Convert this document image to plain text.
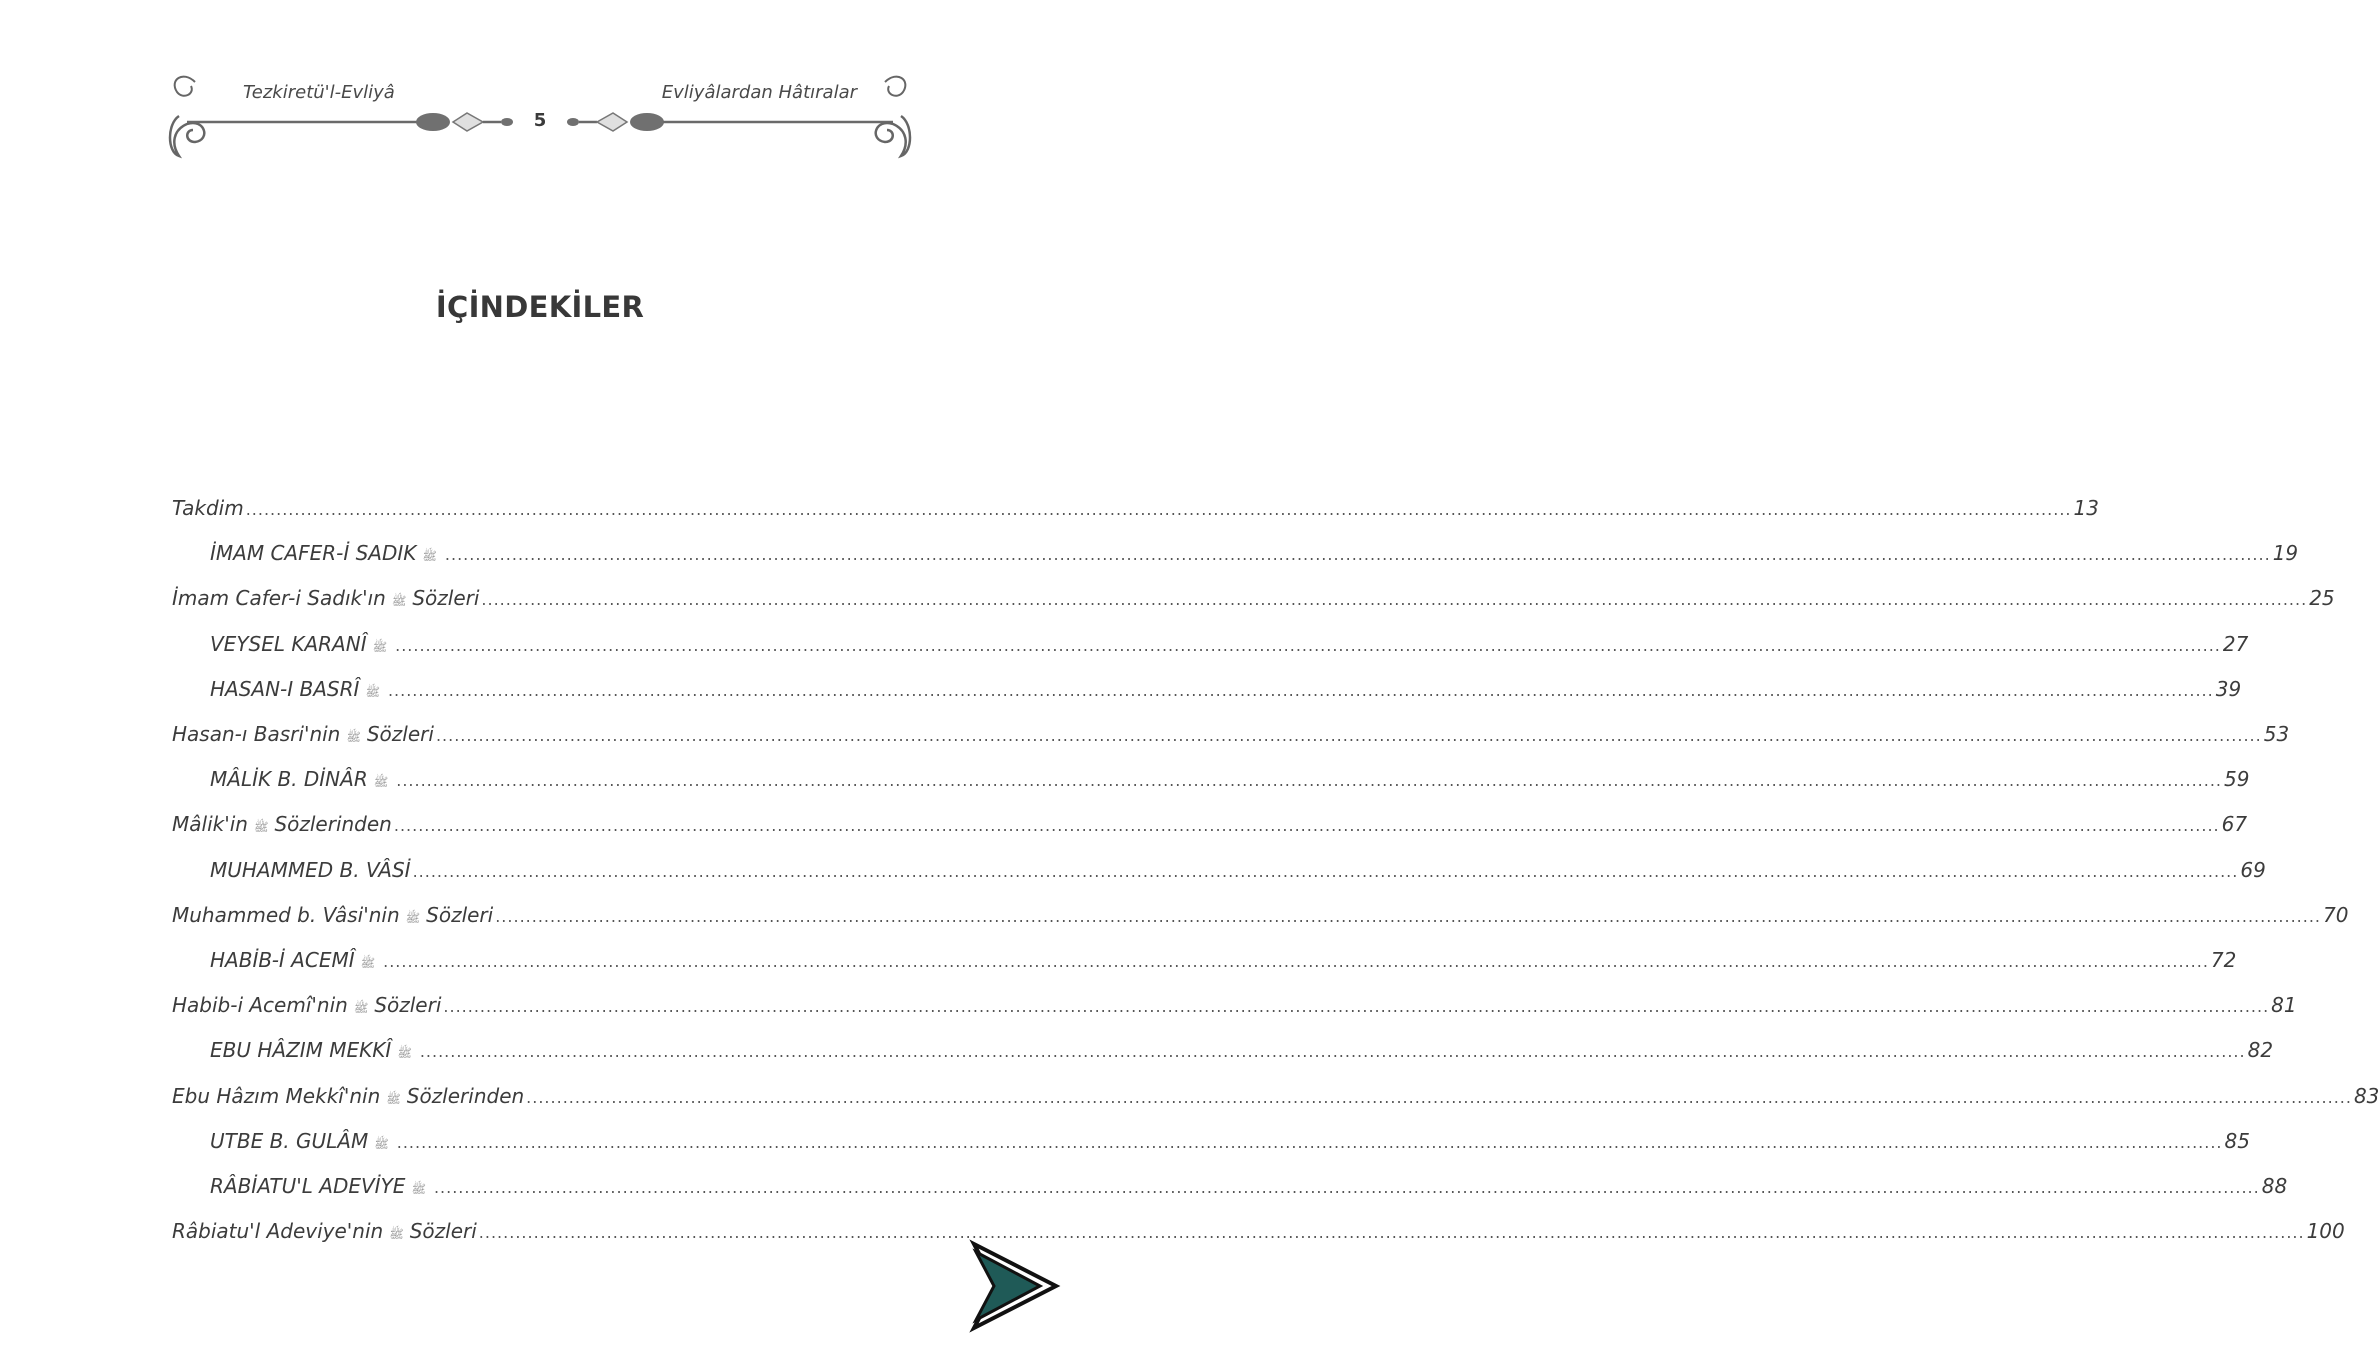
Tezkiretü'l-Evliyâ	Evliyâlardan Hâtıralar
5
İÇİNDEKİLER
Takdim ............................................................................................................................................................................................................................................................................................................ 13
İMAM CAFER-İ SADIK ﷺ ............................................................................................................................................................................................................................................................................................................ 19
İmam Cafer-i Sadık'ın ﷺ Sözleri ............................................................................................................................................................................................................................................................................................................ 25
VEYSEL KARANÎ ﷺ ............................................................................................................................................................................................................................................................................................................ 27
HASAN-I BASRÎ ﷺ ............................................................................................................................................................................................................................................................................................................ 39
Hasan-ı Basri'nin ﷺ Sözleri ............................................................................................................................................................................................................................................................................................................ 53
MÂLİK B. DİNÂR ﷺ ............................................................................................................................................................................................................................................................................................................ 59
Mâlik'in ﷺ Sözlerinden ............................................................................................................................................................................................................................................................................................................ 67
MUHAMMED B. VÂSİ ............................................................................................................................................................................................................................................................................................................ 69
Muhammed b. Vâsi'nin ﷺ Sözleri ............................................................................................................................................................................................................................................................................................................ 70
HABİB-İ ACEMÎ ﷺ ............................................................................................................................................................................................................................................................................................................ 72
Habib-i Acemî'nin ﷺ Sözleri ............................................................................................................................................................................................................................................................................................................ 81
EBU HÂZIM MEKKÎ ﷺ ............................................................................................................................................................................................................................................................................................................ 82
Ebu Hâzım Mekkî'nin ﷺ Sözlerinden ............................................................................................................................................................................................................................................................................................................ 83
UTBE B. GULÂM ﷺ ............................................................................................................................................................................................................................................................................................................ 85
RÂBİATU'L ADEVİYE ﷺ ............................................................................................................................................................................................................................................................................................................ 88
Râbiatu'l Adeviye'nin ﷺ Sözleri ............................................................................................................................................................................................................................................................................................................ 100
